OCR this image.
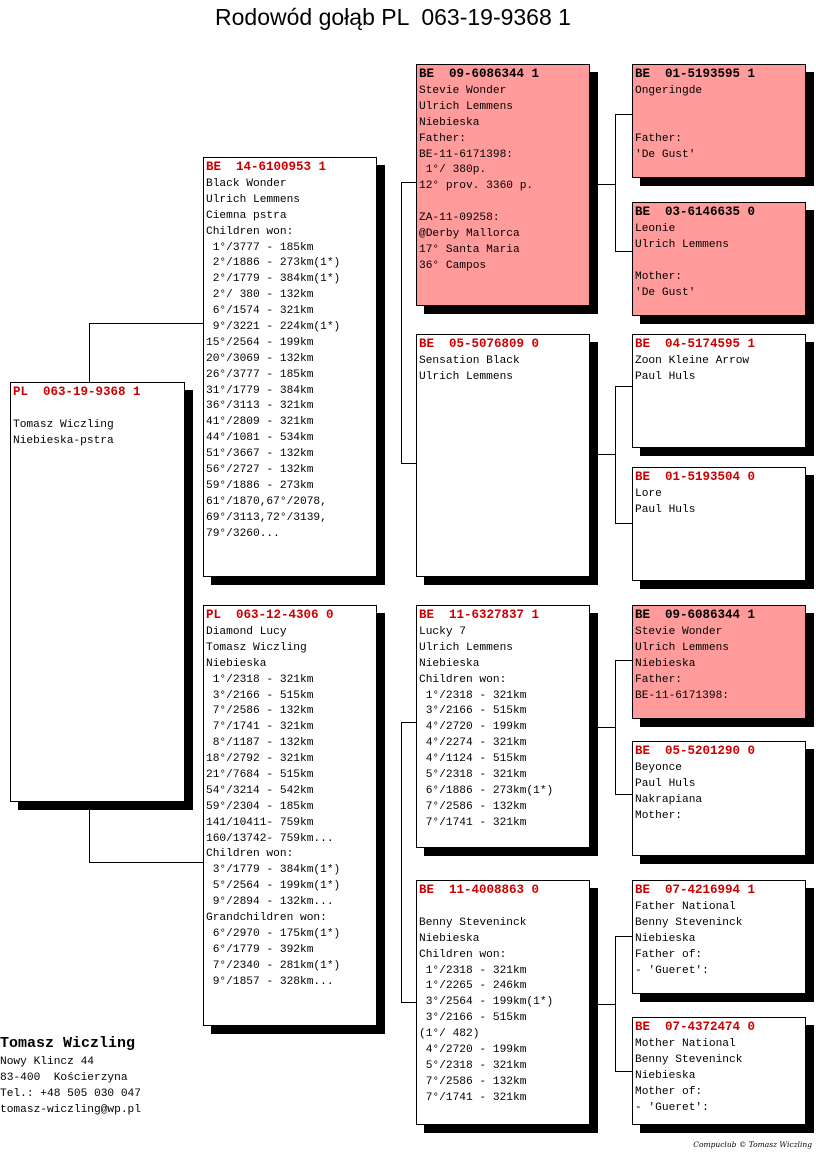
Rodowód gołąb PL  063-19-9368 1
PL  063-19-9368 1
Tomasz Wiczling
Niebieska-pstra
BE  14-6100953 1
Black Wonder
Ulrich Lemmens
Ciemna pstra
Children won:
1°/3777 - 185km
2°/1886 - 273km(1*)
2°/1779 - 384km(1*)
2°/ 380 - 132km
6°/1574 - 321km
9°/3221 - 224km(1*)
15°/2564 - 199km
20°/3069 - 132km
26°/3777 - 185km
31°/1779 - 384km
36°/3113 - 321km
41°/2809 - 321km
44°/1081 - 534km
51°/3667 - 132km
56°/2727 - 132km
59°/1886 - 273km
61°/1870,67°/2078,
69°/3113,72°/3139,
79°/3260...
PL  063-12-4306 0
Diamond Lucy
Tomasz Wiczling
Niebieska
1°/2318 - 321km
3°/2166 - 515km
7°/2586 - 132km
7°/1741 - 321km
8°/1187 - 132km
18°/2792 - 321km
21°/7684 - 515km
54°/3214 - 542km
59°/2304 - 185km
141/10411- 759km
160/13742- 759km...
Children won:
3°/1779 - 384km(1*)
5°/2564 - 199km(1*)
9°/2894 - 132km...
Grandchildren won:
6°/2970 - 175km(1*)
6°/1779 - 392km
7°/2340 - 281km(1*)
9°/1857 - 328km...
BE  09-6086344 1
Stevie Wonder
Ulrich Lemmens
Niebieska
Father:
BE-11-6171398:
1°/ 380p.
12° prov. 3360 p.
ZA-11-09258:
@Derby Mallorca
17° Santa Maria
36° Campos
BE  05-5076809 0
Sensation Black
Ulrich Lemmens
BE  11-6327837 1
Lucky 7
Ulrich Lemmens
Niebieska
Children won:
1°/2318 - 321km
3°/2166 - 515km
4°/2720 - 199km
4°/2274 - 321km
4°/1124 - 515km
5°/2318 - 321km
6°/1886 - 273km(1*)
7°/2586 - 132km
7°/1741 - 321km
BE  11-4008863 0
Benny Steveninck
Niebieska
Children won:
1°/2318 - 321km
1°/2265 - 246km
3°/2564 - 199km(1*)
3°/2166 - 515km
(1°/ 482)
4°/2720 - 199km
5°/2318 - 321km
7°/2586 - 132km
7°/1741 - 321km
BE  01-5193595 1
Ongeringde
Father:
'De Gust'
BE  03-6146635 0
Leonie
Ulrich Lemmens
Mother:
'De Gust'
BE  04-5174595 1
Zoon Kleine Arrow
Paul Huls
BE  01-5193504 0
Lore
Paul Huls
BE  09-6086344 1
Stevie Wonder
Ulrich Lemmens
Niebieska
Father:
BE-11-6171398:
BE  05-5201290 0
Beyonce
Paul Huls
Nakrapiana
Mother:
BE  07-4216994 1
Father National
Benny Steveninck
Niebieska
Father of:
- 'Gueret':
BE  07-4372474 0
Mother National
Benny Steveninck
Niebieska
Mother of:
- 'Gueret':
Tomasz Wiczling
Nowy Klincz 44
83-400  Kościerzyna
Tel.: +48 505 030 047
tomasz-wiczling@wp.pl
Compuclub © Tomasz Wiczling
